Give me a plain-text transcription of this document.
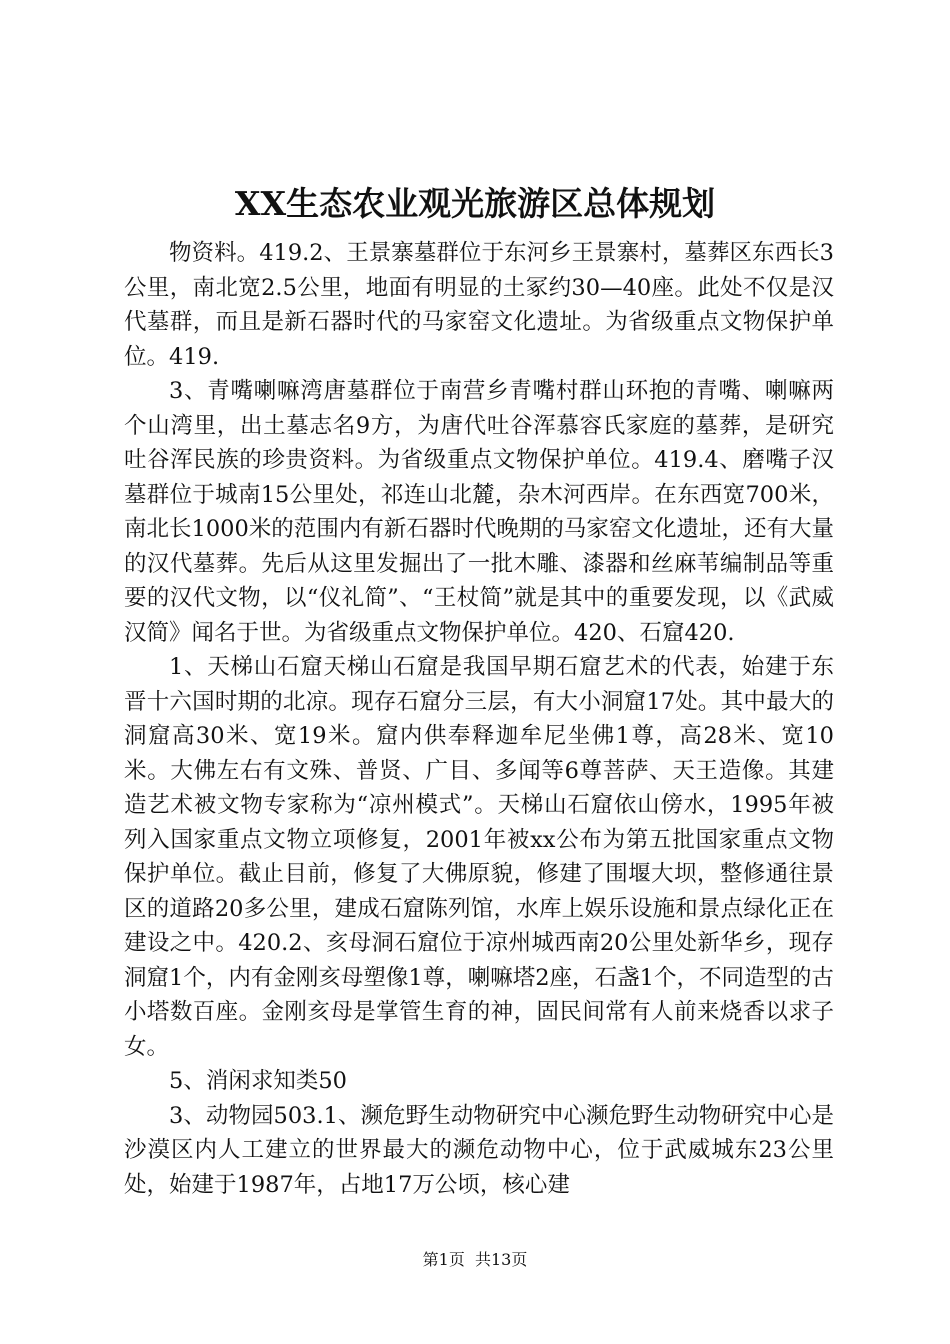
XX生态农业观光旅游区总体规划

物资料。419.2、王景寨墓群位于东河乡王景寨村，墓葬区东西长3公里，南北宽2.5公里，地面有明显的土冢约30—40座。此处不仅是汉代墓群，而且是新石器时代的马家窑文化遗址。为省级重点文物保护单位。419.

3、青嘴喇嘛湾唐墓群位于南营乡青嘴村群山环抱的青嘴、喇嘛两个山湾里，出土墓志名9方，为唐代吐谷浑慕容氏家庭的墓葬，是研究吐谷浑民族的珍贵资料。为省级重点文物保护单位。419.4、磨嘴子汉墓群位于城南15公里处，祁连山北麓，杂木河西岸。在东西宽700米，南北长1000米的范围内有新石器时代晚期的马家窑文化遗址，还有大量的汉代墓葬。先后从这里发掘出了一批木雕、漆器和丝麻苇编制品等重要的汉代文物，以“仪礼简”、“王杖简”就是其中的重要发现，以《武威汉简》闻名于世。为省级重点文物保护单位。420、石窟420.

1、天梯山石窟天梯山石窟是我国早期石窟艺术的代表，始建于东晋十六国时期的北凉。现存石窟分三层，有大小洞窟17处。其中最大的洞窟高30米、宽19米。窟内供奉释迦牟尼坐佛1尊，高28米、宽10米。大佛左右有文殊、普贤、广目、多闻等6尊菩萨、天王造像。其建造艺术被文物专家称为“凉州模式”。天梯山石窟依山傍水，1995年被列入国家重点文物立项修复，2001年被xx公布为第五批国家重点文物保护单位。截止目前，修复了大佛原貌，修建了围堰大坝，整修通往景区的道路20多公里，建成石窟陈列馆，水库上娱乐设施和景点绿化正在建设之中。420.2、亥母洞石窟位于凉州城西南20公里处新华乡，现存洞窟1个，内有金刚亥母塑像1尊，喇嘛塔2座，石盏1个，不同造型的古小塔数百座。金刚亥母是掌管生育的神，固民间常有人前来烧香以求子女。

5、消闲求知类50

3、动物园503.1、濒危野生动物研究中心濒危野生动物研究中心是沙漠区内人工建立的世界最大的濒危动物中心，位于武威城东23公里处，始建于1987年，占地17万公顷，核心建

第1页  共13页
